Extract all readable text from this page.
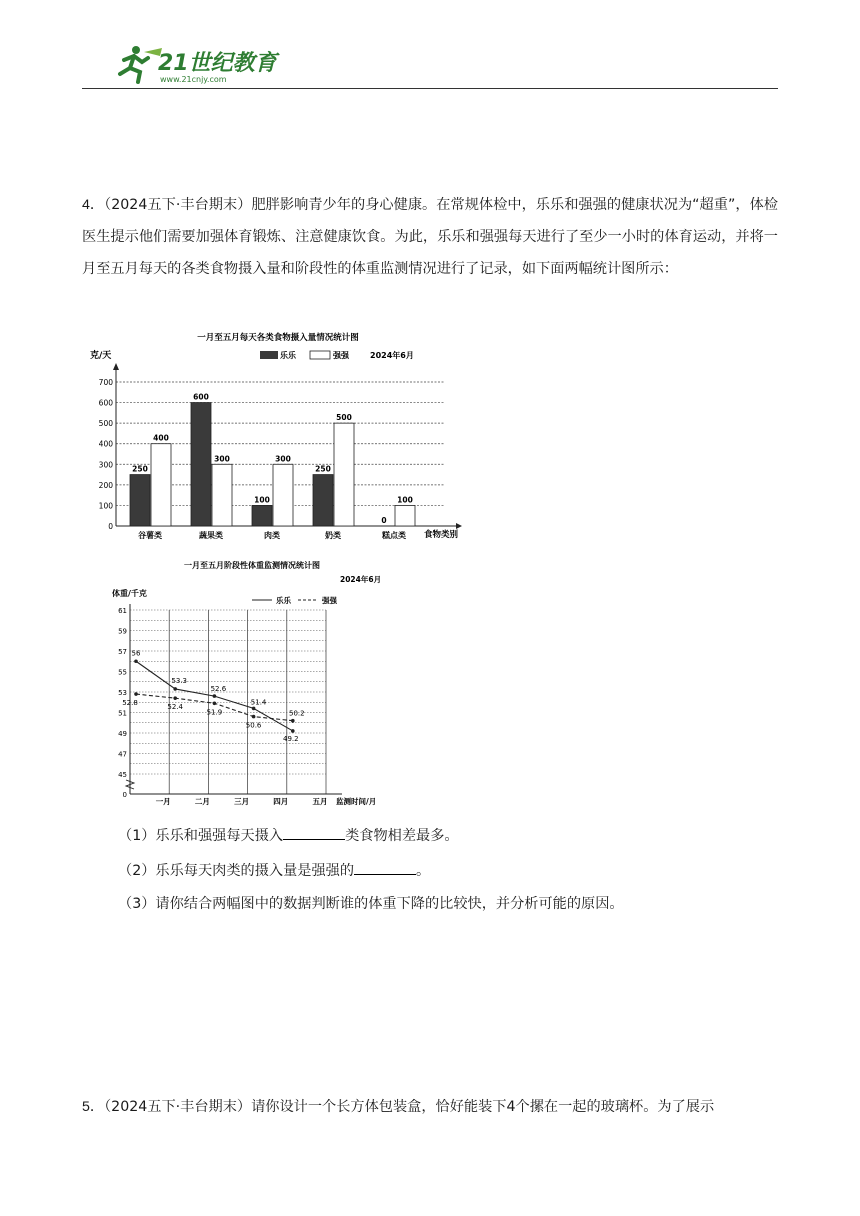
21世纪教育
www.21cnjy.com
4．（2024五下·丰台期末）肥胖影响青少年的身心健康。在常规体检中，乐乐和强强的健康状况为“超重”，体检医生提示他们需要加强体育锻炼、注意健康饮食。为此，乐乐和强强每天进行了至少一小时的体育运动，并将一月至五月每天的各类食物摄入量和阶段性的体重监测情况进行了记录，如下面两幅统计图所示：
一月至五月每天各类食物摄入量情况统计图
乐乐	强强	2024年6月
克/天
食物类别
0
100
200
300
400
500
600
700
250
400
谷薯类
600
300
蔬果类
100
300
肉类
250
500
奶类
0
100
糕点类
一月至五月阶段性体重监测情况统计图
2024年6月
体重/千克
乐乐	强强
监测时间/月
0
45
47
49
51
53
55
57
59
61
一月	二月	三月	四月	五月
56
53.3
52.6
51.4
49.2
52.8
52.4
51.9
50.6
50.2
（1）乐乐和强强每天摄入	类食物相差最多。
（2）乐乐每天肉类的摄入量是强强的	。
（3）请你结合两幅图中的数据判断谁的体重下降的比较快，并分析可能的原因。
5．（2024五下·丰台期末）请你设计一个长方体包装盒，恰好能装下4个摞在一起的玻璃杯。为了展示
